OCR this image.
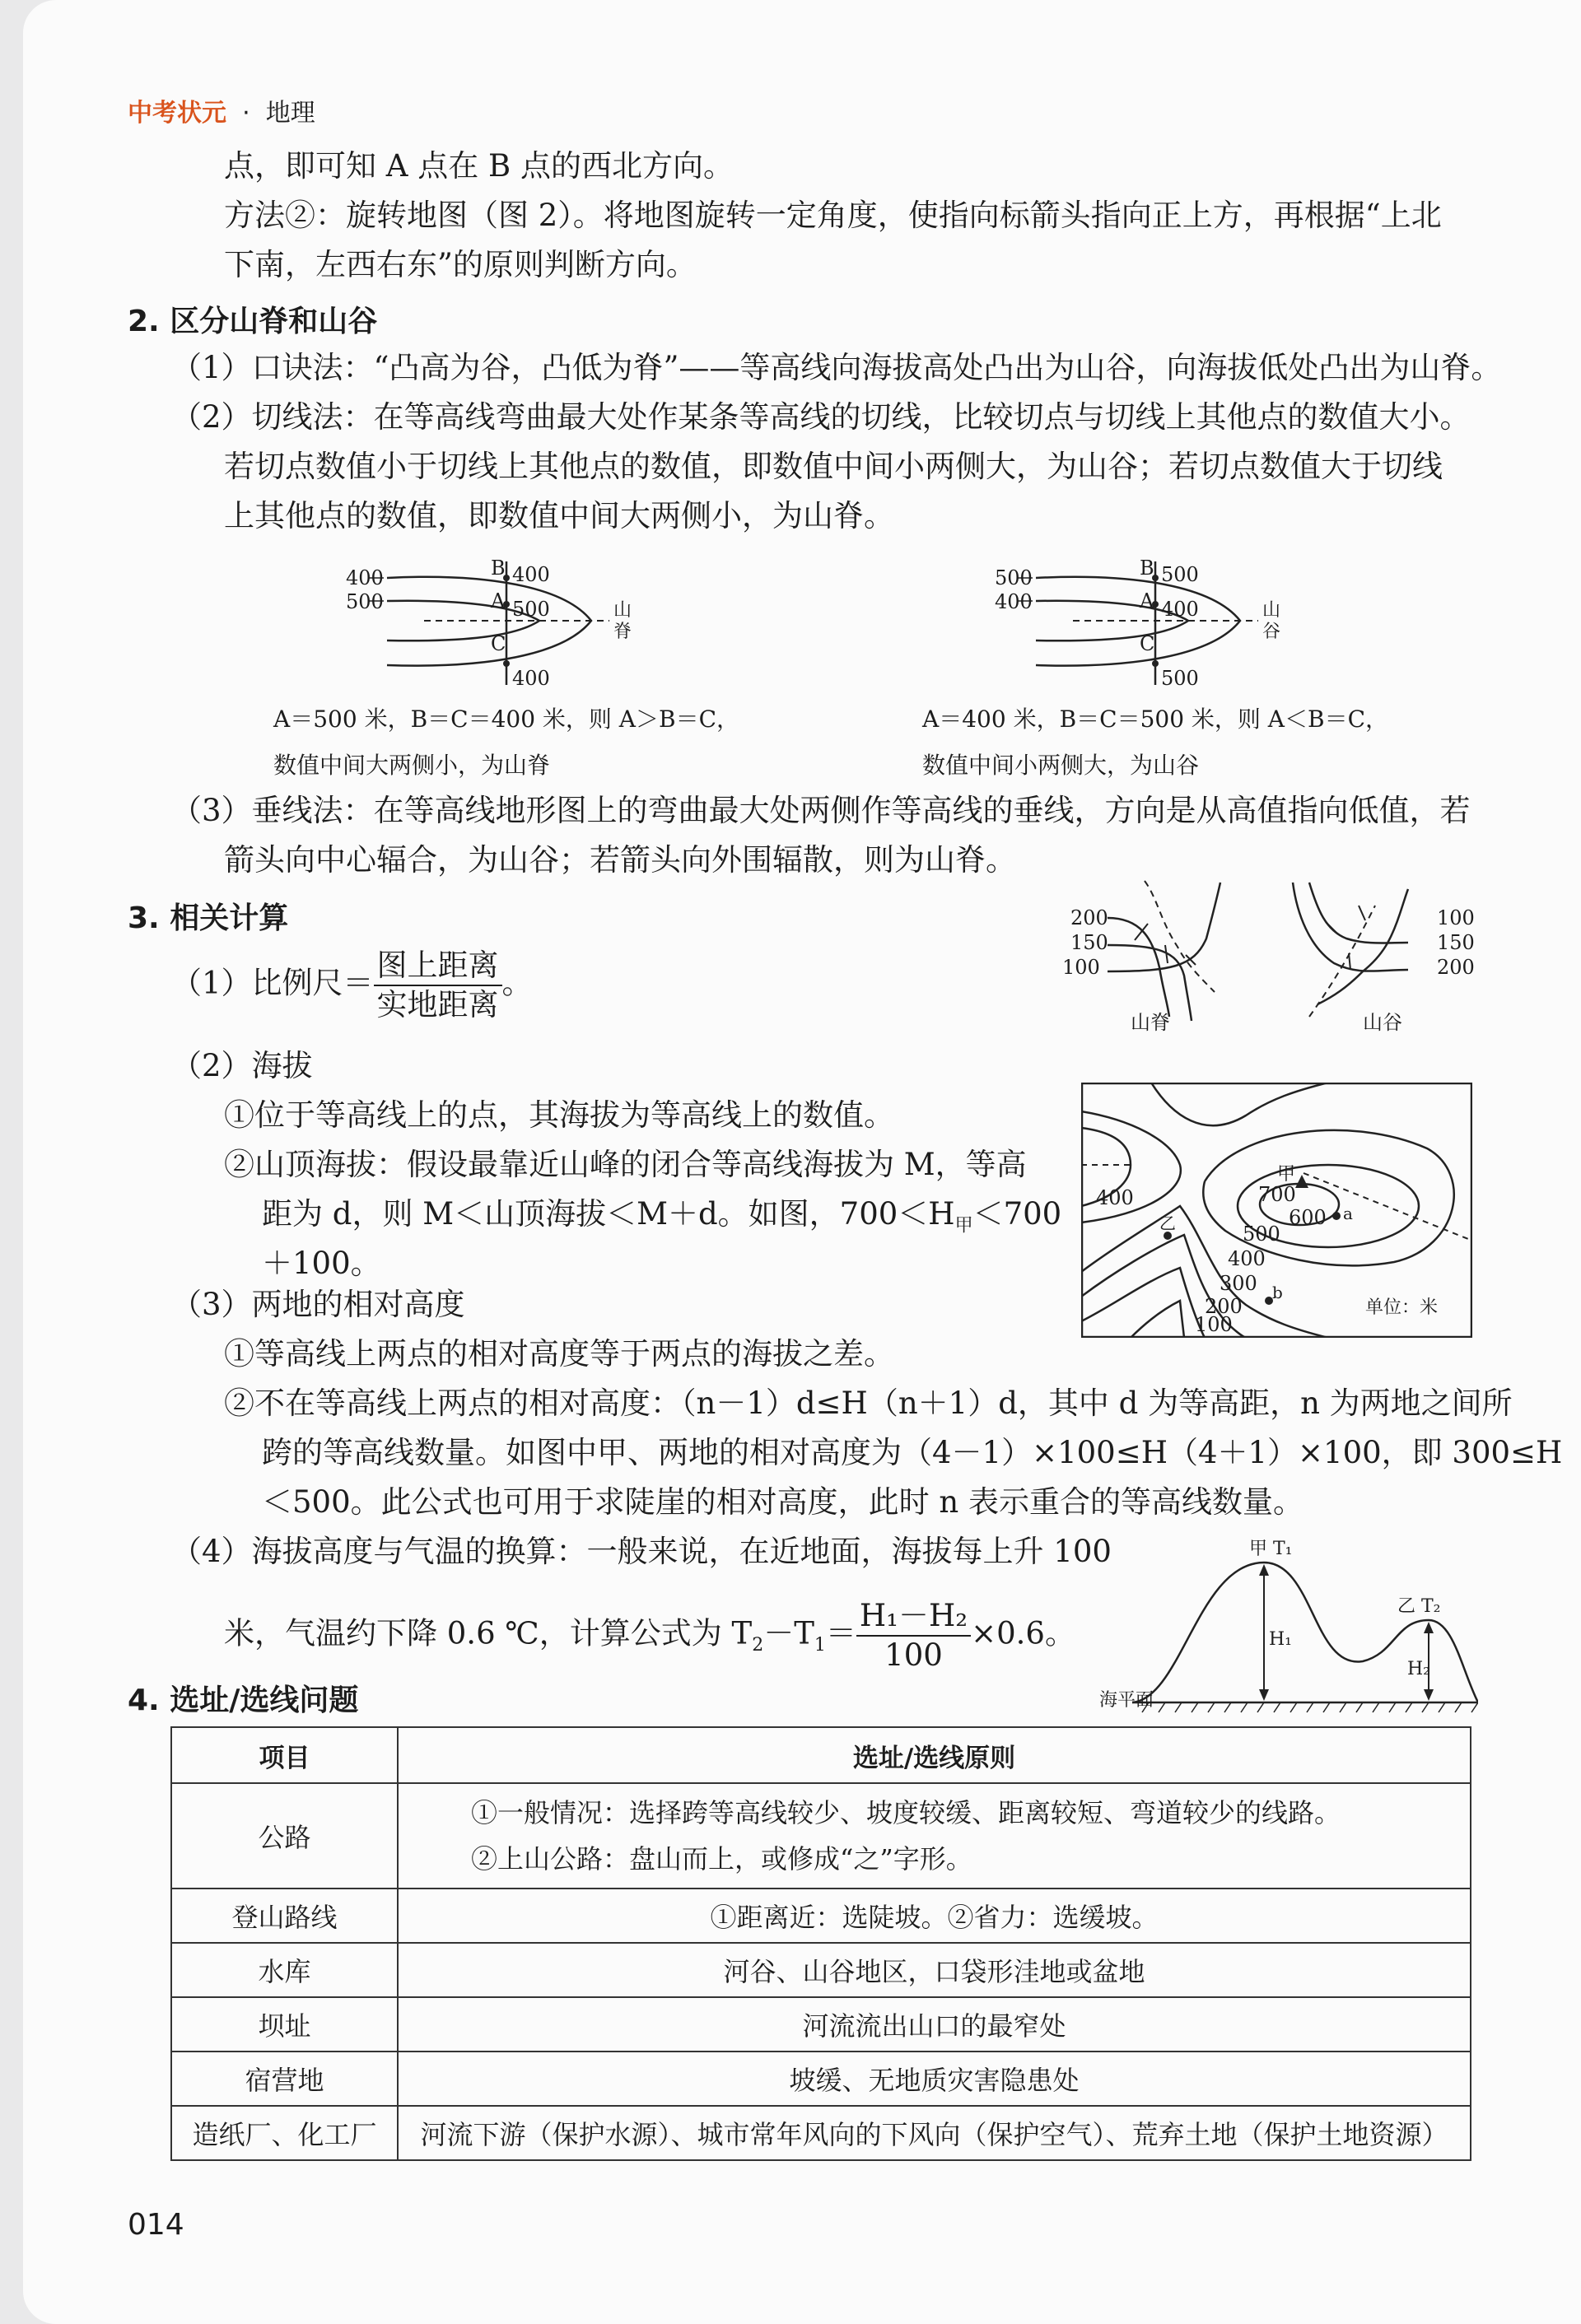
中考状元 · 地理
点，即可知 A 点在 B 点的西北方向。
方法②：旋转地图（图 2）。将地图旋转一定角度，使指向标箭头指向正上方，再根据“上北
下南，左西右东”的原则判断方向。
2. 区分山脊和山谷
（1）口诀法：“凸高为谷，凸低为脊”——等高线向海拔高处凸出为山谷，向海拔低处凸出为山脊。
（2）切线法：在等高线弯曲最大处作某条等高线的切线，比较切点与切线上其他点的数值大小。
若切点数值小于切线上其他点的数值，即数值中间小两侧大，为山谷；若切点数值大于切线
上其他点的数值，即数值中间大两侧小，为山脊。
400
500
B
A
C
400
500
400
山
脊
A＝500 米，B＝C＝400 米，则 A＞B＝C，
数值中间大两侧小，为山脊
500
400
B
A
C
500
400
500
山
谷
A＝400 米，B＝C＝500 米，则 A＜B＝C，
数值中间小两侧大，为山谷
（3）垂线法：在等高线地形图上的弯曲最大处两侧作等高线的垂线，方向是从高值指向低值，若
箭头向中心辐合，为山谷；若箭头向外围辐散，则为山脊。
3. 相关计算	200
150
100
山脊
100
150
200
山谷
（1）比例尺＝ $\frac{\text{图上距离}}{\text{实地距离}}$ 。
（2）海拔
①位于等高线上的点，其海拔为等高线上的数值。
②山顶海拔：假设最靠近山峰的闭合等高线海拔为 M，等高
距为 d，则 M＜山顶海拔＜M＋d。如图，$700<H_甲<700$
＋100。
400
甲
700
600 a
500
乙
400
300 b
200
100
单位：米
（3）两地的相对高度
①等高线上两点的相对高度等于两点的海拔之差。
②不在等高线上两点的相对高度：（n－1）d≤H（n＋1）d，其中 d 为等高距，n 为两地之间所
跨的等高线数量。如图中甲、两地的相对高度为（4－1）×100≤H（4＋1）×100，即 300≤H
＜500。此公式也可用于求陡崖的相对高度，此时 n 表示重合的等高线数量。
（4）海拔高度与气温的换算：一般来说，在近地面，海拔每上升 100
米，气温约下降 0.6 ℃，计算公式为 $T_2-T_1= \frac{\text{H₁－H₂}}{100} \times 0.6$。
甲 T₁
H₁
乙 T₂
H₂
海平面
4. 选址/选线问题
项目	选址/选线原则
公路	①一般情况：选择跨等高线较少、坡度较缓、距离较短、弯道较少的线路。
②上山公路：盘山而上，或修成“之”字形。

登山路线	①距离近：选陡坡。②省力：选缓坡。
水库	河谷、山谷地区，口袋形洼地或盆地
坝址	河流流出山口的最窄处
宿营地	坡缓、无地质灾害隐患处
造纸厂、化工厂	河流下游（保护水源）、城市常年风向的下风向（保护空气）、荒弃土地（保护土地资源）
014
